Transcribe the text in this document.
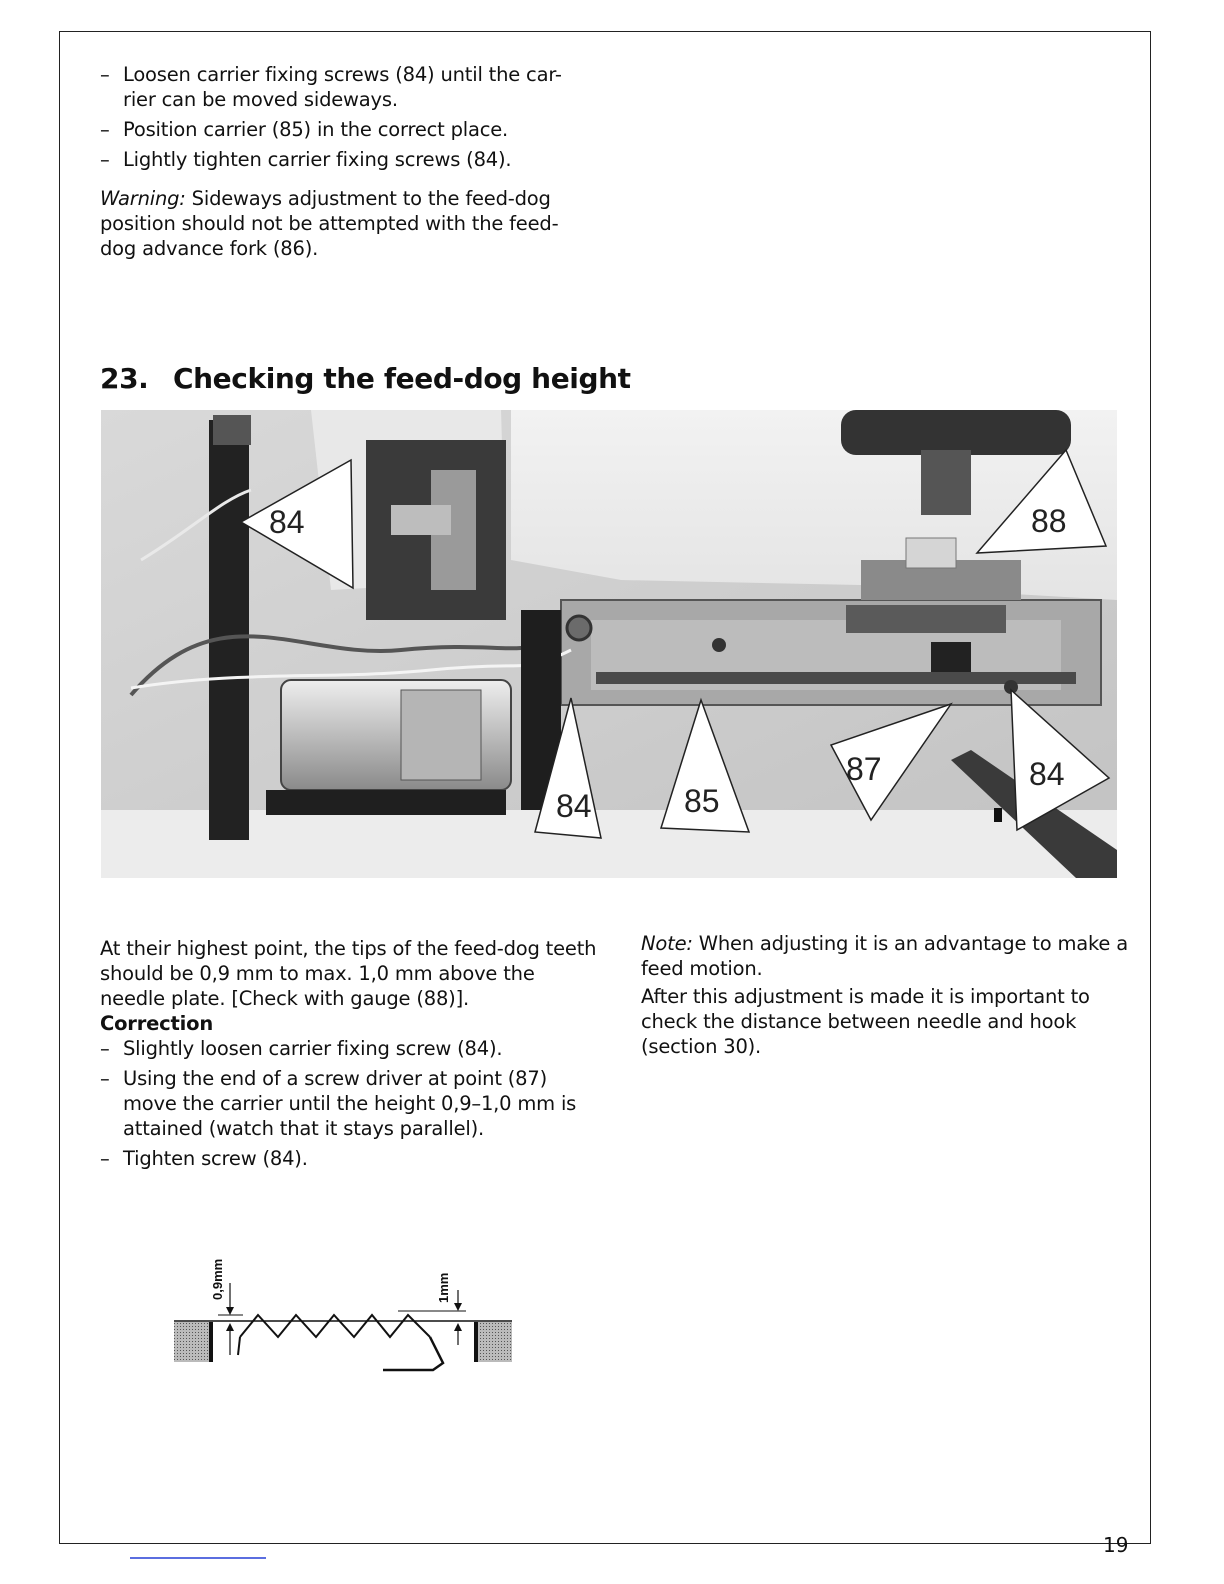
– Loosen carrier fixing screws (84) until the car-rier can be moved sideways.
– Position carrier (85) in the correct place.
– Lightly tighten carrier fixing screws (84).

Warning: Sideways adjustment to the feed-dog position should not be attempted with the feed-dog advance fork (86).

23. Checking the feed-dog height
84	88
84	85
87	84

At their highest point, the tips of the feed-dog teeth should be 0,9 mm to max. 1,0 mm above the needle plate. [Check with gauge (88)].

Correction

– Slightly loosen carrier fixing screw (84).
– Using the end of a screw driver at point (87) move the carrier until the height 0,9–1,0 mm is attained (watch that it stays parallel).
– Tighten screw (84).

Note: When adjusting it is an advantage to make a feed motion.

After this adjustment is made it is important to check the distance between needle and hook (section 30).

0,9mm	1mm
19
